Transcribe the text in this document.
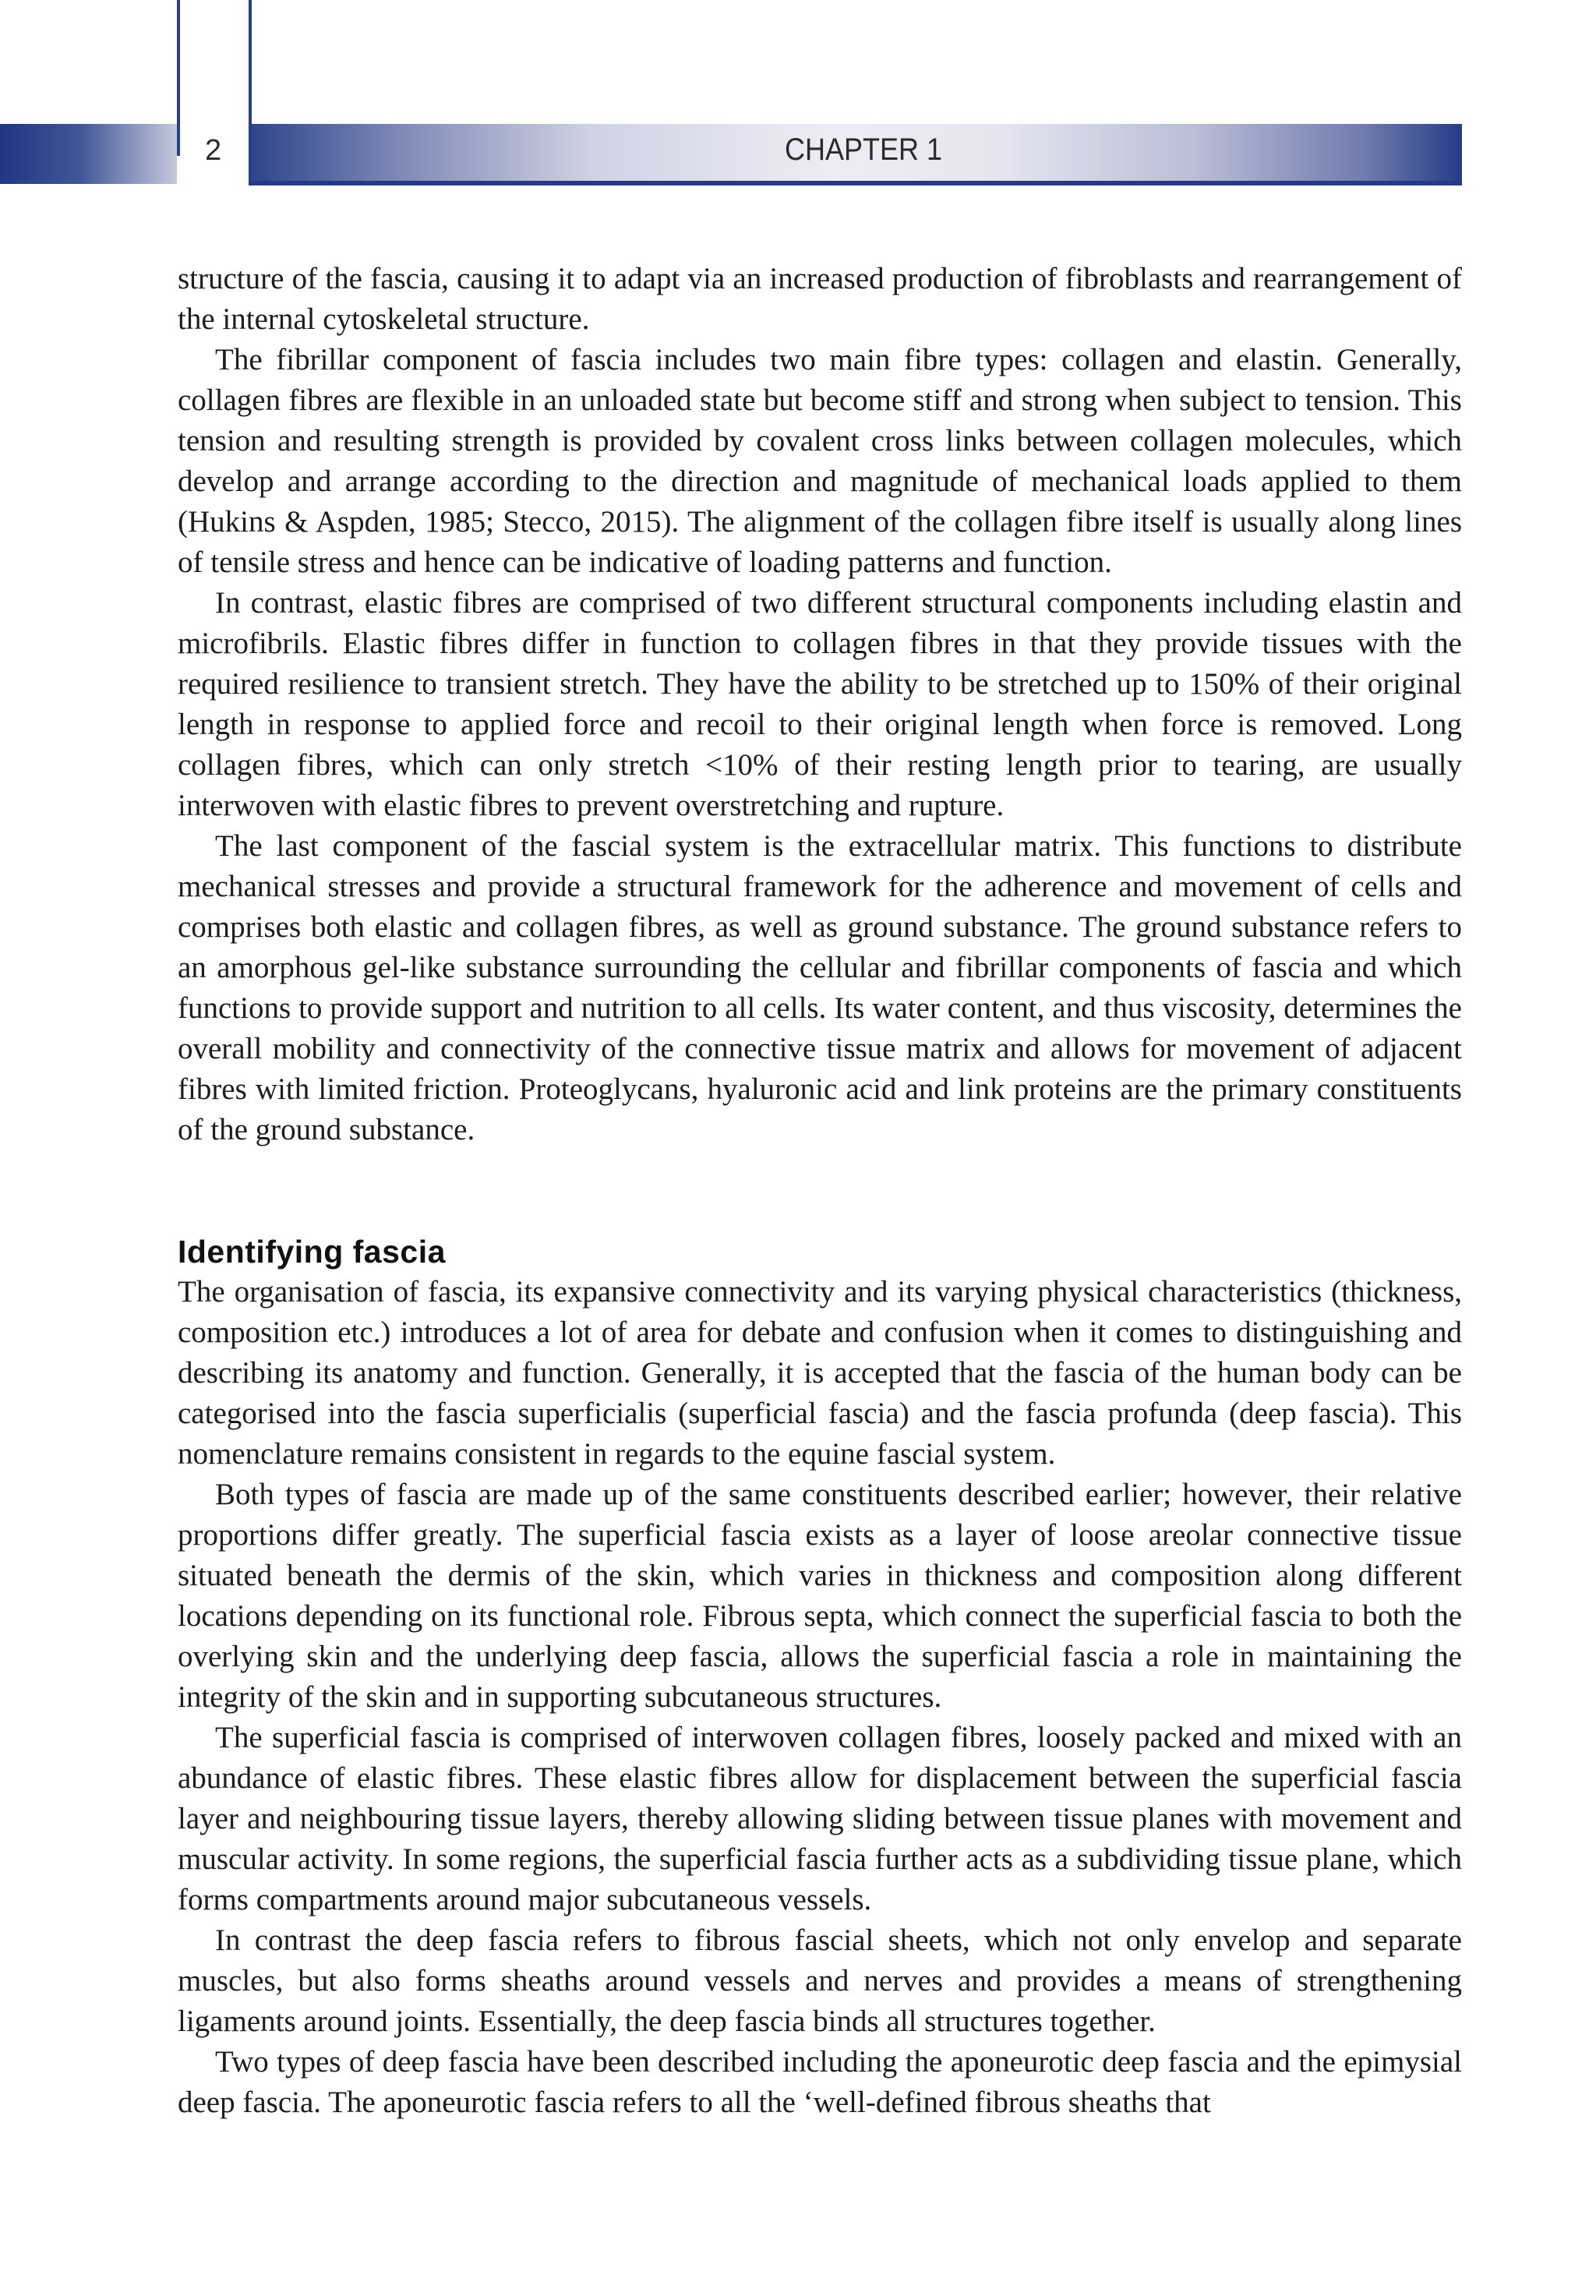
2	CHAPTER 1

structure of the fascia, causing it to adapt via an increased production of fibroblasts and rearrangement of the internal cytoskeletal structure.

The fibrillar component of fascia includes two main fibre types: collagen and elastin. Generally, collagen fibres are flexible in an unloaded state but become stiff and strong when subject to tension. This tension and resulting strength is provided by covalent cross links between collagen molecules, which develop and arrange according to the direction and magnitude of mechanical loads applied to them (Hukins & Aspden, 1985; Stecco, 2015). The alignment of the collagen fibre itself is usually along lines of tensile stress and hence can be indicative of loading patterns and function.

In contrast, elastic fibres are comprised of two different structural components including elastin and microfibrils. Elastic fibres differ in function to collagen fibres in that they provide tissues with the required resilience to transient stretch. They have the ability to be stretched up to 150% of their original length in response to applied force and recoil to their original length when force is removed. Long collagen fibres, which can only stretch <10% of their resting length prior to tearing, are usually interwoven with elastic fibres to prevent overstretching and rupture.

The last component of the fascial system is the extracellular matrix. This functions to distribute mechanical stresses and provide a structural framework for the adherence and movement of cells and comprises both elastic and collagen fibres, as well as ground substance. The ground substance refers to an amorphous gel-like substance surrounding the cellular and fibrillar components of fascia and which functions to provide support and nutrition to all cells. Its water content, and thus viscosity, determines the overall mobility and connectivity of the connective tissue matrix and allows for movement of adjacent fibres with limited friction. Proteoglycans, hyaluronic acid and link proteins are the primary constituents of the ground substance.

Identifying fascia

The organisation of fascia, its expansive connectivity and its varying physical characteristics (thickness, composition etc.) introduces a lot of area for debate and confusion when it comes to distinguishing and describing its anatomy and function. Generally, it is accepted that the fascia of the human body can be categorised into the fascia superficialis (superficial fascia) and the fascia profunda (deep fascia). This nomenclature remains consistent in regards to the equine fascial system.

Both types of fascia are made up of the same constituents described earlier; however, their relative proportions differ greatly. The superficial fascia exists as a layer of loose areolar connective tissue situated beneath the dermis of the skin, which varies in thickness and composition along different locations depending on its functional role. Fibrous septa, which connect the superficial fascia to both the overlying skin and the underlying deep fascia, allows the superficial fascia a role in maintaining the integrity of the skin and in supporting subcutaneous structures.

The superficial fascia is comprised of interwoven collagen fibres, loosely packed and mixed with an abundance of elastic fibres. These elastic fibres allow for displacement between the superficial fascia layer and neighbouring tissue layers, thereby allowing sliding between tissue planes with movement and muscular activity. In some regions, the superficial fascia further acts as a subdividing tissue plane, which forms compartments around major subcutaneous vessels.

In contrast the deep fascia refers to fibrous fascial sheets, which not only envelop and separate muscles, but also forms sheaths around vessels and nerves and provides a means of strengthening ligaments around joints. Essentially, the deep fascia binds all structures together.

Two types of deep fascia have been described including the aponeurotic deep fascia and the epimysial deep fascia. The aponeurotic fascia refers to all the ‘well-defined fibrous sheaths that
